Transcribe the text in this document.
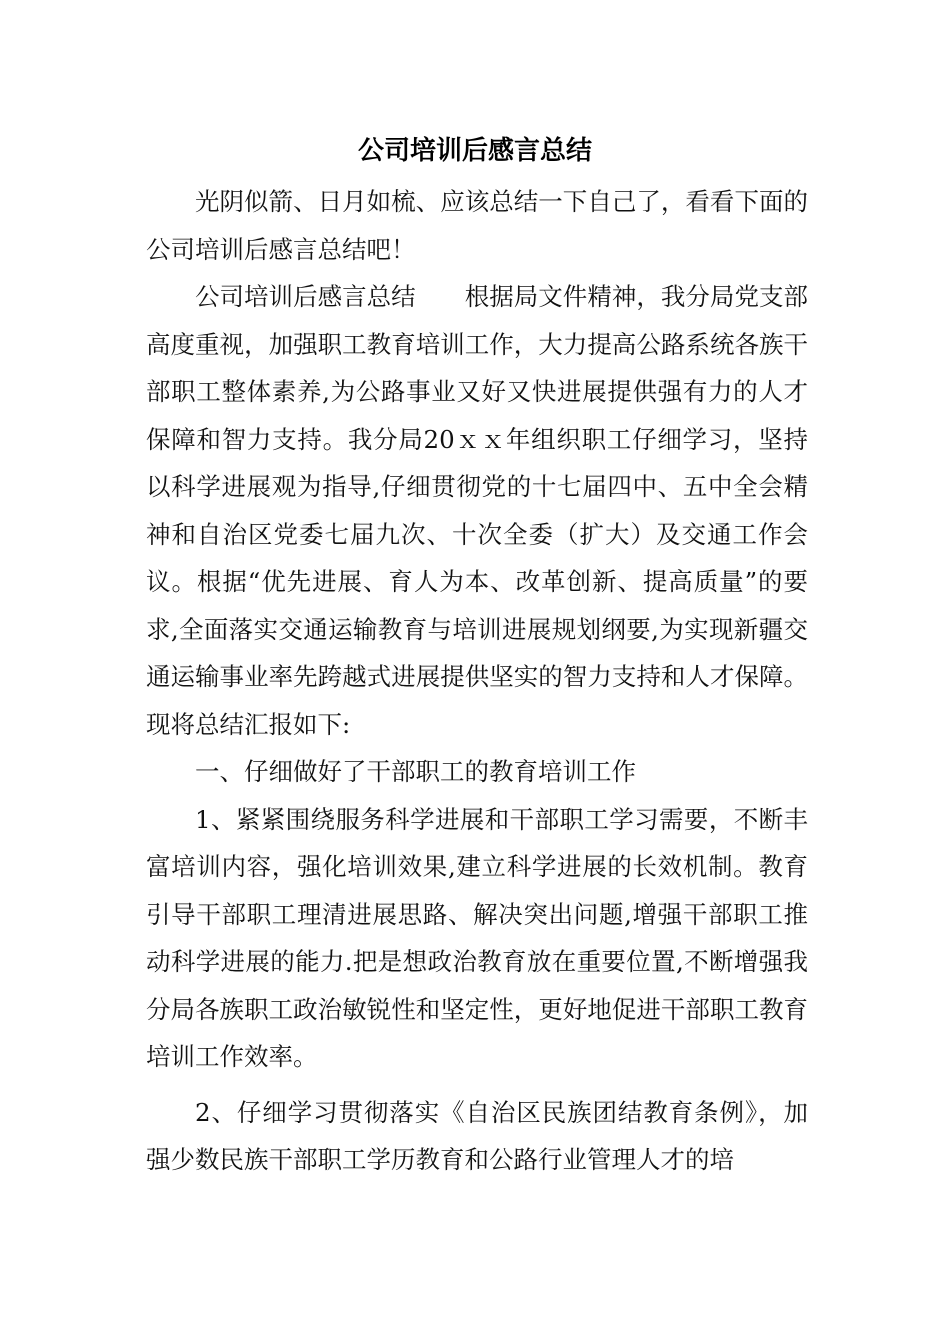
公司培训后感言总结

光阴似箭、日月如梳、应该总结一下自己了，看看下面的公司培训后感言总结吧！

公司培训后感言总结　　根据局文件精神，我分局党支部高度重视，加强职工教育培训工作，大力提高公路系统各族干部职工整体素养,为公路事业又好又快进展提供强有力的人才保障和智力支持。我分局20ｘｘ年组织职工仔细学习，坚持以科学进展观为指导,仔细贯彻党的十七届四中、五中全会精神和自治区党委七届九次、十次全委（扩大）及交通工作会议。根据“优先进展、育人为本、改革创新、提高质量”的要求,全面落实交通运输教育与培训进展规划纲要,为实现新疆交通运输事业率先跨越式进展提供坚实的智力支持和人才保障。现将总结汇报如下:

一、仔细做好了干部职工的教育培训工作

1、紧紧围绕服务科学进展和干部职工学习需要，不断丰富培训内容，强化培训效果,建立科学进展的长效机制。教育引导干部职工理清进展思路、解决突出问题,增强干部职工推动科学进展的能力.把是想政治教育放在重要位置,不断增强我分局各族职工政治敏锐性和坚定性，更好地促进干部职工教育培训工作效率。

2、仔细学习贯彻落实《自治区民族团结教育条例》，加强少数民族干部职工学历教育和公路行业管理人才的培
